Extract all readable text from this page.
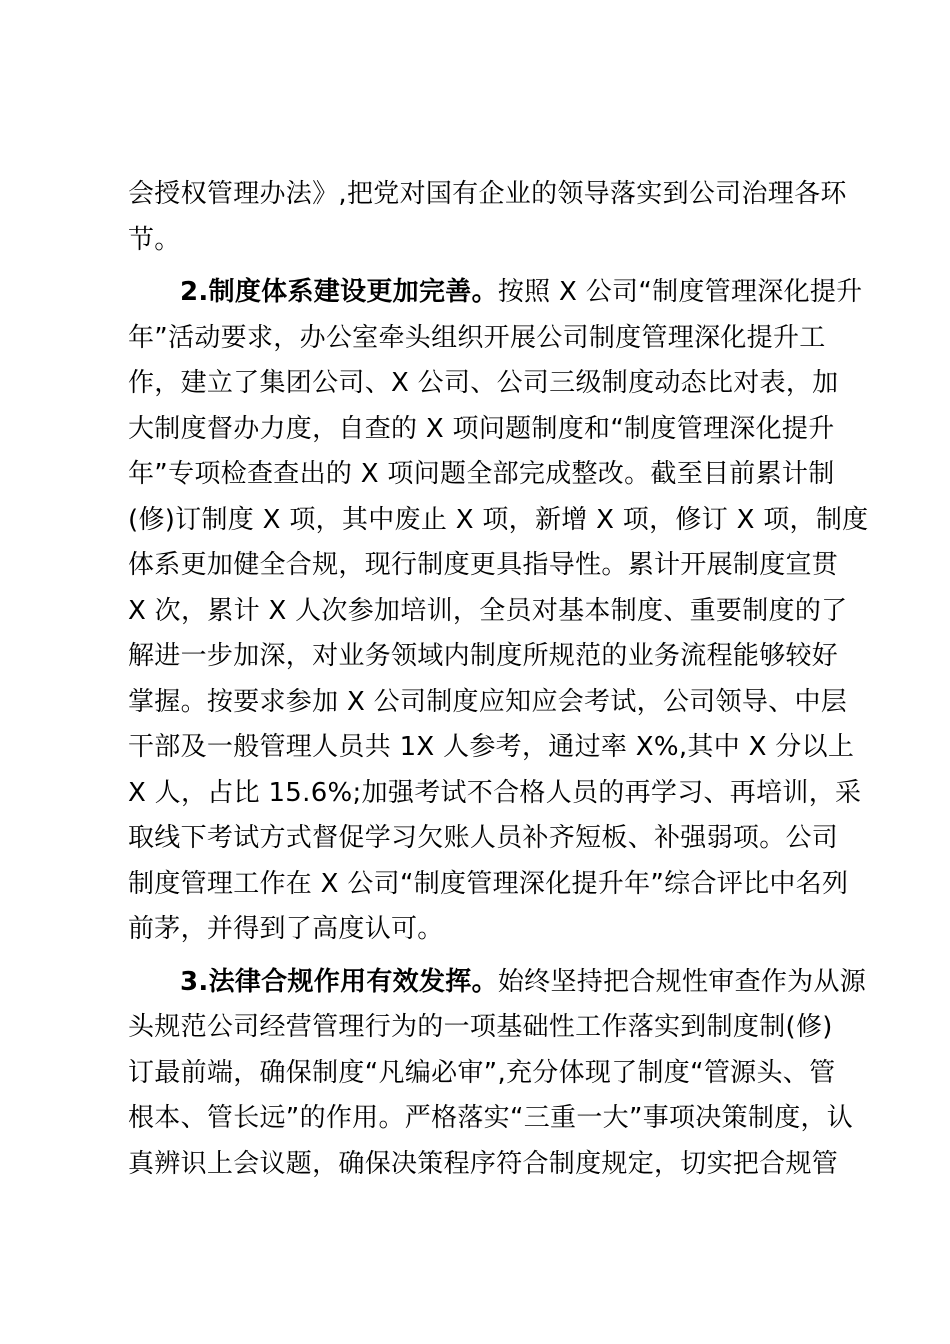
会授权管理办法》,把党对国有企业的领导落实到公司治理各环
节。
2.制度体系建设更加完善。按照 X 公司“制度管理深化提升
年”活动要求，办公室牵头组织开展公司制度管理深化提升工
作，建立了集团公司、X 公司、公司三级制度动态比对表，加
大制度督办力度，自查的 X 项问题制度和“制度管理深化提升
年”专项检查查出的 X 项问题全部完成整改。截至目前累计制
(修)订制度 X 项，其中废止 X 项，新增 X 项，修订 X 项，制度
体系更加健全合规，现行制度更具指导性。累计开展制度宣贯
X 次，累计 X 人次参加培训，全员对基本制度、重要制度的了
解进一步加深，对业务领域内制度所规范的业务流程能够较好
掌握。按要求参加 X 公司制度应知应会考试，公司领导、中层
干部及一般管理人员共 1X 人参考，通过率 X%,其中 X 分以上
X 人，占比 15.6%;加强考试不合格人员的再学习、再培训，采
取线下考试方式督促学习欠账人员补齐短板、补强弱项。公司
制度管理工作在 X 公司“制度管理深化提升年”综合评比中名列
前茅，并得到了高度认可。
3.法律合规作用有效发挥。始终坚持把合规性审查作为从源
头规范公司经营管理行为的一项基础性工作落实到制度制(修)
订最前端，确保制度“凡编必审”,充分体现了制度“管源头、管
根本、管长远”的作用。严格落实“三重一大”事项决策制度，认
真辨识上会议题，确保决策程序符合制度规定，切实把合规管
